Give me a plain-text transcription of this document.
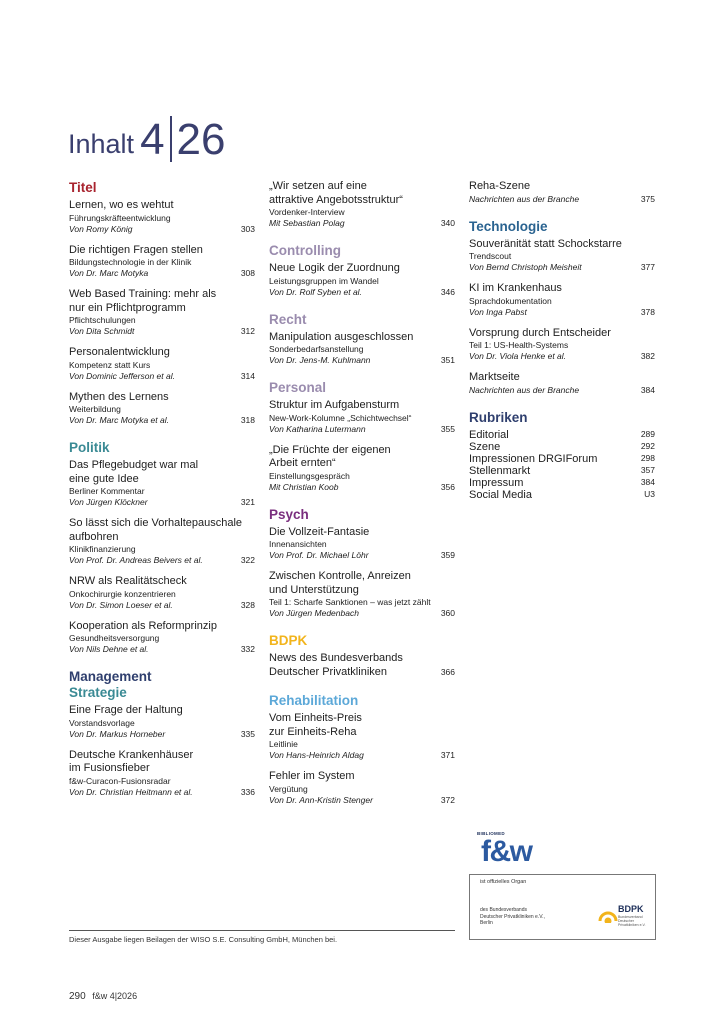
Inhalt 4 26
Titel
Lernen, wo es wehtut
Führungskräfteentwicklung
Von Romy König	303
Die richtigen Fragen stellen
Bildungstechnologie in der Klinik
Von Dr. Marc Motyka	308
Web Based Training: mehr als
nur ein Pflichtprogramm
Pflichtschulungen
Von Dita Schmidt	312
Personalentwicklung
Kompetenz statt Kurs
Von Dominic Jefferson et al.	314
Mythen des Lernens
Weiterbildung
Von Dr. Marc Motyka et al.	318
Politik
Das Pflegebudget war mal
eine gute Idee
Berliner Kommentar
Von Jürgen Klöckner	321
So lässt sich die Vorhaltepauschale
aufbohren
Klinikfinanzierung
Von Prof. Dr. Andreas Beivers et al.	322
NRW als Realitätscheck
Onkochirurgie konzentrieren
Von Dr. Simon Loeser et al.	328
Kooperation als Reformprinzip
Gesundheitsversorgung
Von Nils Dehne et al.	332
Management
Strategie
Eine Frage der Haltung
Vorstandsvorlage
Von Dr. Markus Horneber	335
Deutsche Krankenhäuser
im Fusionsfieber
f&w-Curacon-Fusionsradar
Von Dr. Christian Heitmann et al.	336
„Wir setzen auf eine
attraktive Angebotsstruktur“
Vordenker-Interview
Mit Sebastian Polag	340
Controlling
Neue Logik der Zuordnung
Leistungsgruppen im Wandel
Von Dr. Rolf Syben et al.	346
Recht
Manipulation ausgeschlossen
Sonderbedarfsanstellung
Von Dr. Jens-M. Kuhlmann	351
Personal
Struktur im Aufgabensturm
New-Work-Kolumne „Schichtwechsel“
Von Katharina Lutermann	355
„Die Früchte der eigenen
Arbeit ernten“
Einstellungsgespräch
Mit Christian Koob	356
Psych
Die Vollzeit-Fantasie
Innenansichten
Von Prof. Dr. Michael Löhr	359
Zwischen Kontrolle, Anreizen
und Unterstützung
Teil 1: Scharfe Sanktionen – was jetzt zählt
Von Jürgen Medenbach	360
BDPK
News des Bundesverbands
Deutscher Privatkliniken	366
Rehabilitation
Vom Einheits-Preis
zur Einheits-Reha
Leitlinie
Von Hans-Heinrich Aldag	371
Fehler im System
Vergütung
Von Dr. Ann-Kristin Stenger	372
Reha-Szene
Nachrichten aus der Branche	375
Technologie
Souveränität statt Schockstarre
Trendscout
Von Bernd Christoph Meisheit	377
KI im Krankenhaus
Sprachdokumentation
Von Inga Pabst	378
Vorsprung durch Entscheider
Teil 1: US-Health-Systems
Von Dr. Viola Henke et al.	382
Marktseite
Nachrichten aus der Branche	384
Rubriken
Editorial	289
Szene	292
Impressionen DRGIForum	298
Stellenmarkt	357
Impressum	384
Social Media	U3
BIBLIOMED
f&w
ist offizielles Organ
des Bundesverbands
Deutscher Privatkliniken e.V.,
Berlin
BDPK
Bundesverband
Deutscher Privatkliniken e.V.
Dieser Ausgabe liegen Beilagen der WISO S.E. Consulting GmbH, München bei.
290 f&w 4|2026
